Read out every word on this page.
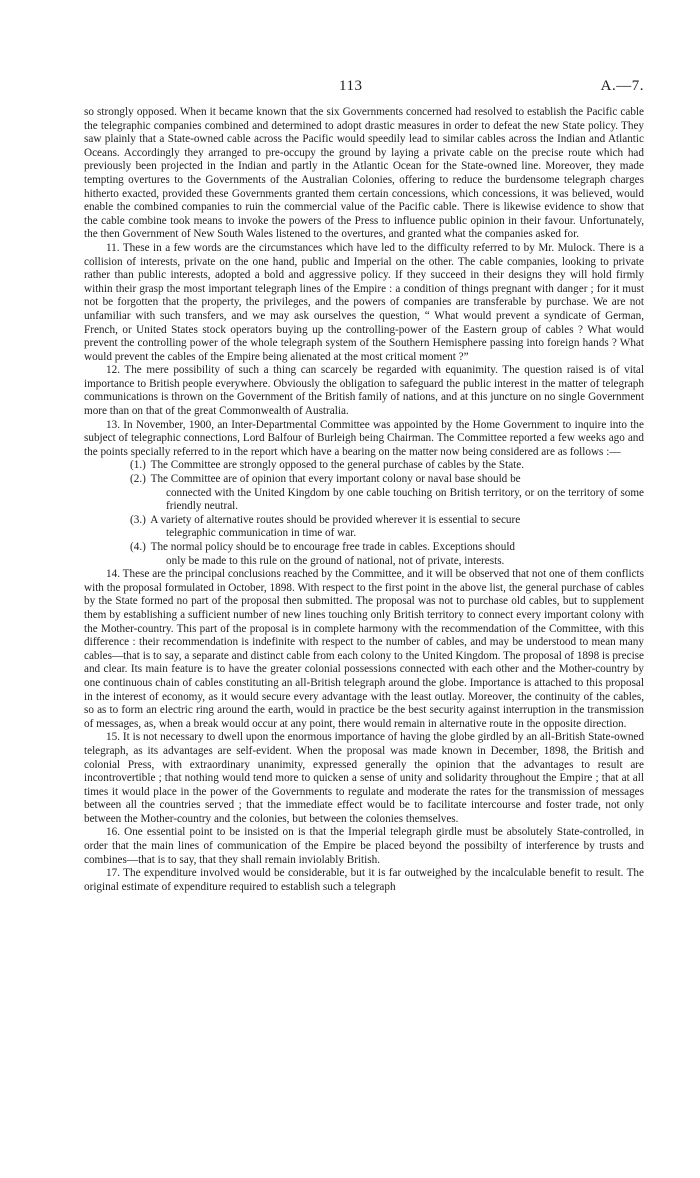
113	A.—7.

so strongly opposed. When it became known that the six Governments concerned had resolved to establish the Pacific cable the telegraphic companies combined and determined to adopt drastic measures in order to defeat the new State policy. They saw plainly that a State-owned cable across the Pacific would speedily lead to similar cables across the Indian and Atlantic Oceans. Accordingly they arranged to pre-occupy the ground by laying a private cable on the precise route which had previously been projected in the Indian and partly in the Atlantic Ocean for the State-owned line. Moreover, they made tempting overtures to the Governments of the Australian Colonies, offering to reduce the burdensome telegraph charges hitherto exacted, provided these Governments granted them certain concessions, which concessions, it was believed, would enable the combined companies to ruin the commercial value of the Pacific cable. There is likewise evidence to show that the cable combine took means to invoke the powers of the Press to influence public opinion in their favour. Unfortunately, the then Government of New South Wales listened to the overtures, and granted what the companies asked for.

11. These in a few words are the circumstances which have led to the difficulty referred to by Mr. Mulock. There is a collision of interests, private on the one hand, public and Imperial on the other. The cable companies, looking to private rather than public interests, adopted a bold and aggressive policy. If they succeed in their designs they will hold firmly within their grasp the most important telegraph lines of the Empire : a condition of things pregnant with danger ; for it must not be forgotten that the property, the privileges, and the powers of companies are transferable by purchase. We are not unfamiliar with such transfers, and we may ask ourselves the question, “ What would prevent a syndicate of German, French, or United States stock operators buying up the controlling-power of the Eastern group of cables ? What would prevent the controlling power of the whole telegraph system of the Southern Hemisphere passing into foreign hands ? What would prevent the cables of the Empire being alienated at the most critical moment ?”

12. The mere possibility of such a thing can scarcely be regarded with equanimity. The question raised is of vital importance to British people everywhere. Obviously the obligation to safeguard the public interest in the matter of telegraph communications is thrown on the Government of the British family of nations, and at this juncture on no single Government more than on that of the great Commonwealth of Australia.

13. In November, 1900, an Inter-Departmental Committee was appointed by the Home Government to inquire into the subject of telegraphic connections, Lord Balfour of Burleigh being Chairman. The Committee reported a few weeks ago and the points specially referred to in the report which have a bearing on the matter now being considered are as follows :—

(1.) The Committee are strongly opposed to the general purchase of cables by the State.
(2.) The Committee are of opinion that every important colony or naval base should be
connected with the United Kingdom by one cable touching on British territory, or on the territory of some friendly neutral.
(3.) A variety of alternative routes should be provided wherever it is essential to secure
telegraphic communication in time of war.
(4.) The normal policy should be to encourage free trade in cables. Exceptions should
only be made to this rule on the ground of national, not of private, interests.

14. These are the principal conclusions reached by the Committee, and it will be observed that not one of them conflicts with the proposal formulated in October, 1898. With respect to the first point in the above list, the general purchase of cables by the State formed no part of the proposal then submitted. The proposal was not to purchase old cables, but to supplement them by establishing a sufficient number of new lines touching only British territory to connect every important colony with the Mother-country. This part of the proposal is in complete harmony with the recommendation of the Committee, with this difference : their recommendation is indefinite with respect to the number of cables, and may be understood to mean many cables—that is to say, a separate and distinct cable from each colony to the United Kingdom. The proposal of 1898 is precise and clear. Its main feature is to have the greater colonial possessions connected with each other and the Mother-country by one continuous chain of cables constituting an all-British telegraph around the globe. Importance is attached to this proposal in the interest of economy, as it would secure every advantage with the least outlay. Moreover, the continuity of the cables, so as to form an electric ring around the earth, would in practice be the best security against interruption in the transmission of messages, as, when a break would occur at any point, there would remain in alternative route in the opposite direction.

15. It is not necessary to dwell upon the enormous importance of having the globe girdled by an all-British State-owned telegraph, as its advantages are self-evident. When the proposal was made known in December, 1898, the British and colonial Press, with extraordinary unanimity, expressed generally the opinion that the advantages to result are incontrovertible ; that nothing would tend more to quicken a sense of unity and solidarity throughout the Empire ; that at all times it would place in the power of the Governments to regulate and moderate the rates for the transmission of messages between all the countries served ; that the immediate effect would be to facilitate intercourse and foster trade, not only between the Mother-country and the colonies, but between the colonies themselves.

16. One essential point to be insisted on is that the Imperial telegraph girdle must be absolutely State-controlled, in order that the main lines of communication of the Empire be placed beyond the possibilty of interference by trusts and combines—that is to say, that they shall remain inviolably British.

17. The expenditure involved would be considerable, but it is far outweighed by the incalculable benefit to result. The original estimate of expenditure required to establish such a telegraph
